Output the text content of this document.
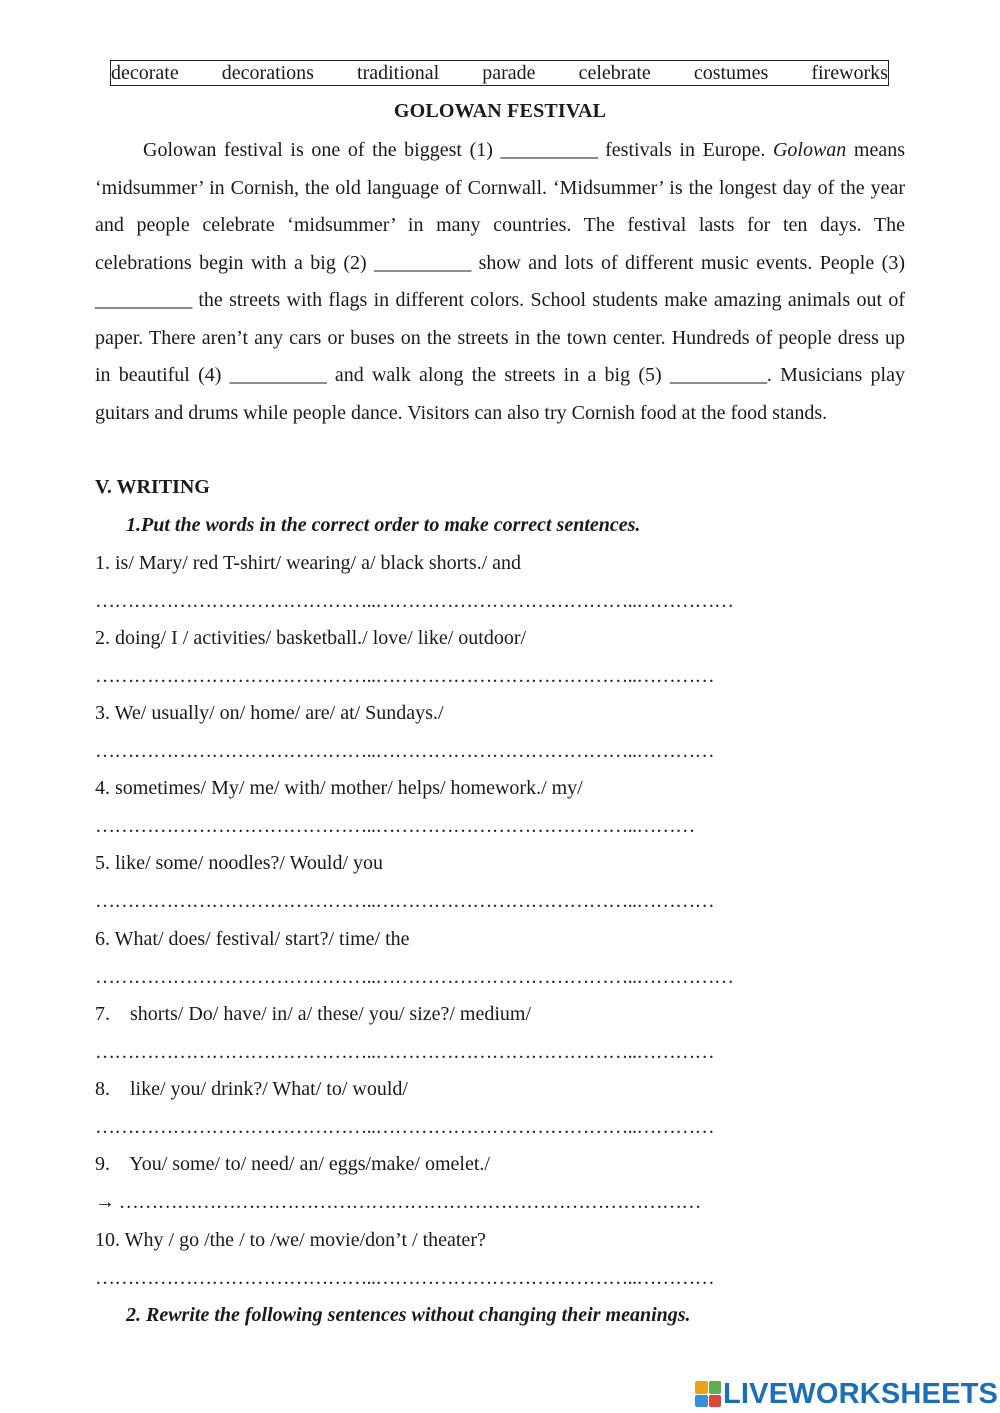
decorate decorations traditional parade celebrate costumes fireworks
GOLOWAN FESTIVAL

Golowan festival is one of the biggest (1) __________ festivals in Europe. Golowan means ‘midsummer’ in Cornish, the old language of Cornwall. ‘Midsummer’ is the longest day of the year and people celebrate ‘midsummer’ in many countries. The festival lasts for ten days. The celebrations begin with a big (2) __________ show and lots of different music events. People (3) __________ the streets with flags in different colors. School students make amazing animals out of paper. There aren’t any cars or buses on the streets in the town center. Hundreds of people dress up in beautiful (4) __________ and walk along the streets in a big (5) __________. Musicians play guitars and drums while people dance. Visitors can also try Cornish food at the food stands.

V. WRITING
1.Put the words in the correct order to make correct sentences.
1. is/ Mary/ red T-shirt/ wearing/ a/ black shorts./ and
……………………………………..…………………………………..……………
2. doing/ I / activities/ basketball./ love/ like/ outdoor/
……………………………………..…………………………………..…………
3. We/ usually/ on/ home/ are/ at/ Sundays./
……………………………………..…………………………………..…………
4. sometimes/ My/ me/ with/ mother/ helps/ homework./ my/
……………………………………..…………………………………..………
5. like/ some/ noodles?/ Would/ you
……………………………………..…………………………………..…………
6. What/ does/ festival/ start?/ time/ the
……………………………………..…………………………………..……………
7.    shorts/ Do/ have/ in/ a/ these/ you/ size?/ medium/
……………………………………..…………………………………..…………
8.    like/ you/ drink?/ What/ to/ would/
……………………………………..…………………………………..…………
9.    You/ some/ to/ need/ an/ eggs/make/ omelet./
→ ………………………………………………………………………………
10. Why / go /the / to /we/ movie/don’t / theater?
……………………………………..…………………………………..…………
2. Rewrite the following sentences without changing their meanings.
LIVEWORKSHEETS
